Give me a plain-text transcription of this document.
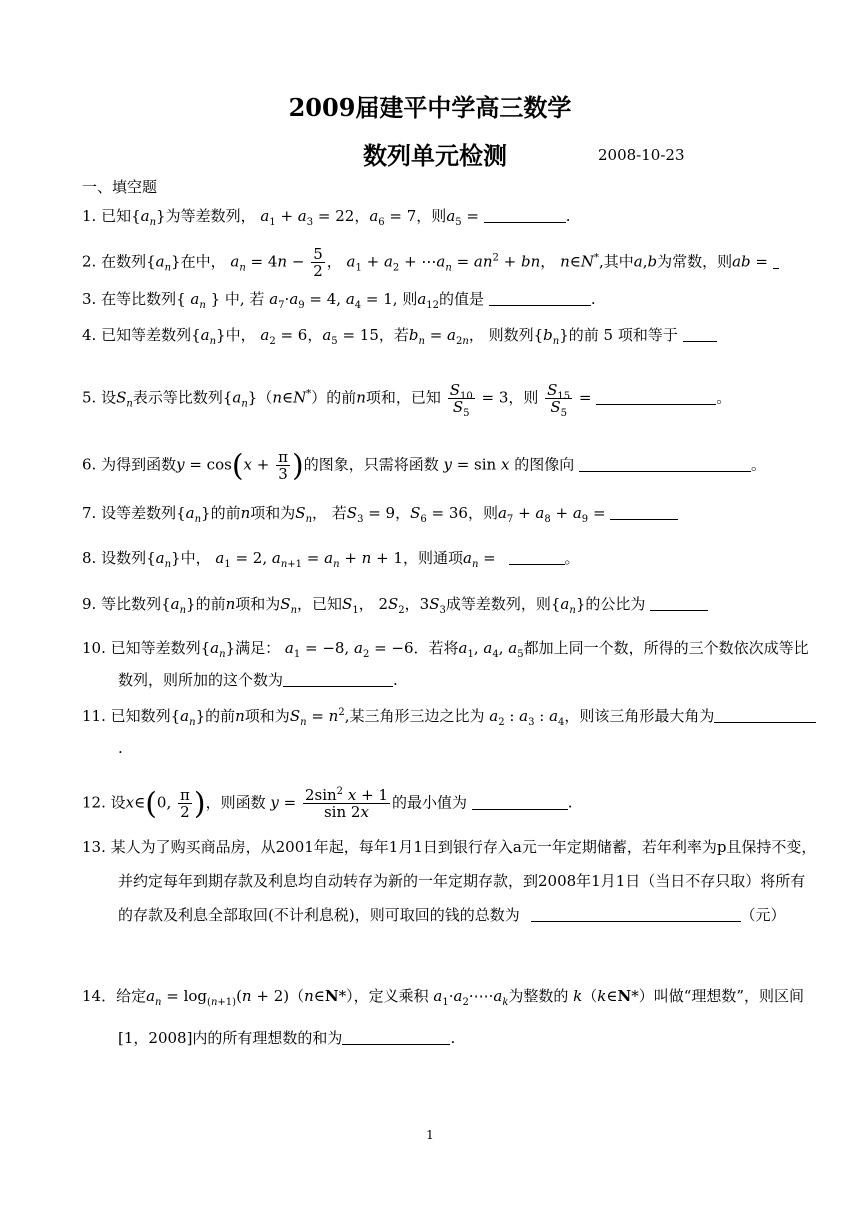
2009届建平中学高三数学
数列单元检测	2008-10-23
一、填空题
1. 已知$\{a_n\}$为等差数列， $a_1 + a_3 = 22$，$a_6 = 7$，则$a_5$ =	.
2. 在数列$\{a_n\}$在中， $a_n = 4n - \frac{5}{2}$ ， $a_1 + a_2$ + $\cdots a_n = an^2$ + bn， n∈N*,其中a,b为常数，则ab =
3. 在等比数列{ $a_n$ } 中, 若 $a_7\cdot a_9 = 4$, $a_4 = 1$, 则$a_{12}$的值是	.
4. 已知等差数列$\{a_n\}$中， $a_2 = 6$，$a_5 = 15$，若$b_n = a_{2n}$， 则数列$\{b_n\}$的前 5 项和等于
5. 设$S_n$表示等比数列$\{a_n\}(n\in N^*)$的前n项和，已知 $\frac{S_{10}}{S_5} = 3$，则 $\frac{S_{15}}{S_5}$ =	。
6. 为得到函数$y = \cos(x + \frac{\pi}{3}$ )的图象，只需将函数 y = sin x 的图像向	。
7. 设等差数列$\{a_n\}$的前n项和为$S_n$， 若$S_3 = 9$，$S_6 = 36$，则$a_7 + a_8 + a_9$ =
8. 设数列$\{a_n\}$中， $a_1 = 2$, $a_{n+1} = a_n + n + 1$，则通项$a_n$ =	。
9. 等比数列$\{a_n\}$的前n项和为$S_n$，已知$S_1$， $2S_2$，$3S_3$成等差数列，则$\{a_n\}$的公比为
10. 已知等差数列$\{a_n\}$满足： $a_1 = -8$, $a_2 = -6$．若将$a_1$, $a_4$, $a_5$都加上同一个数，所得的三个数依次成等比数列，则所加的这个数为	.
11. 已知数列$\{a_n\}$的前n项和为$S_n = n^2$,某三角形三边之比为 $a_2$ : $a_3$ : $a_4$，则该三角形最大角为.
12. 设x∈(0, $\frac{\pi}{2}$ )，则函数 $y = \frac{2\sin^2 x + 1}{\sin 2x}$ 的最小值为	.
13. 某人为了购买商品房，从2001年起，每年1月1日到银行存入a元一年定期储蓄，若年利率为p且保持不变，并约定每年到期存款及利息均自动转存为新的一年定期存款，到2008年1月1日（当日不存只取）将所有的存款及利息全部取回(不计利息税)，则可取回的钱的总数为	（元）
14．给定$a_n = \log_{(n+1)}(n$ + 2)（n∈N*），定义乘积 $a_1\cdot a_2\cdot\cdots\cdot a_k$为整数的 k（k∈N*）叫做“理想数”，则区间[1，2008]内的所有理想数的和为	.
1
